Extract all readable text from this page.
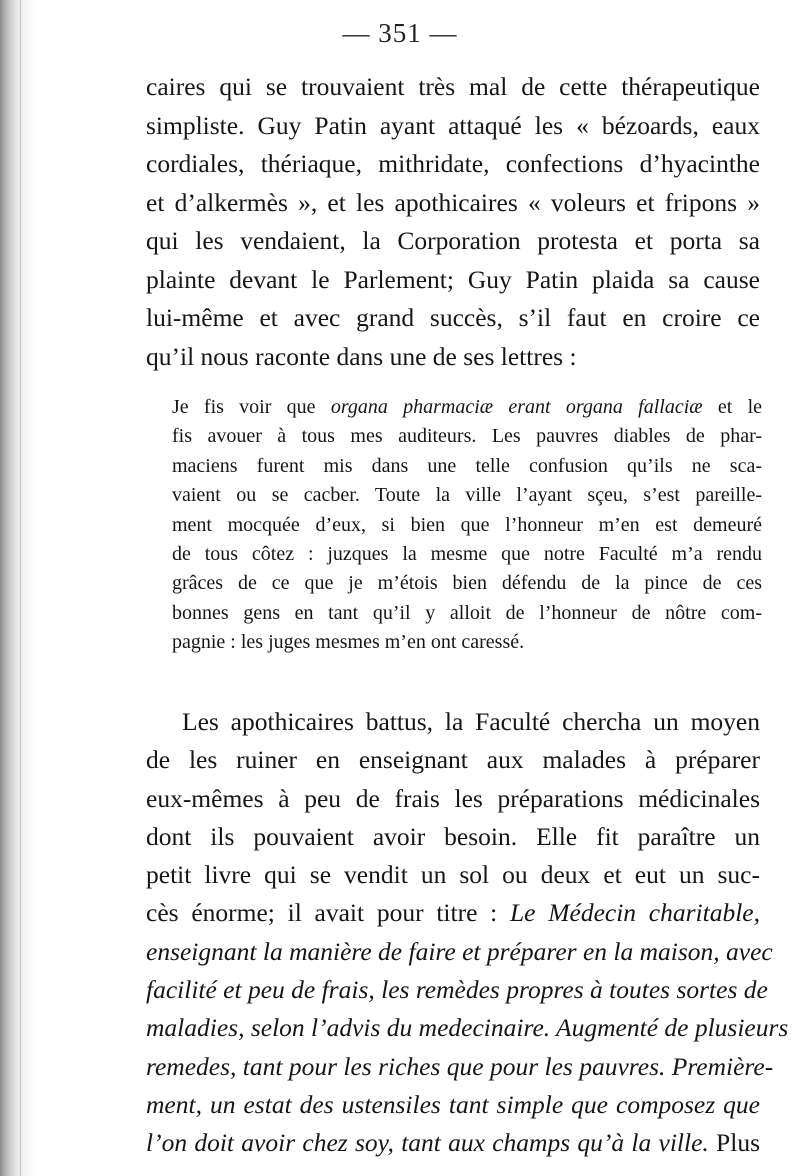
— 351 —
caires qui se trouvaient très mal de cette thérapeutique
simpliste. Guy Patin ayant attaqué les « bézoards, eaux
cordiales, thériaque, mithridate, confections d’hyacinthe
et d’alkermès », et les apothicaires « voleurs et fripons »
qui les vendaient, la Corporation protesta et porta sa
plainte devant le Parlement; Guy Patin plaida sa cause
lui-même et avec grand succès, s’il faut en croire ce
qu’il nous raconte dans une de ses lettres :
Je fis voir que organa pharmaciæ erant organa fallaciæ et le
fis avouer à tous mes auditeurs. Les pauvres diables de phar-
maciens furent mis dans une telle confusion qu’ils ne sca-
vaient ou se cacber. Toute la ville l’ayant sçeu, s’est pareille-
ment mocquée d’eux, si bien que l’honneur m’en est demeuré
de tous côtez : juzques la mesme que notre Faculté m’a rendu
grâces de ce que je m’étois bien défendu de la pince de ces
bonnes gens en tant qu’il y alloit de l’honneur de nôtre com-
pagnie : les juges mesmes m’en ont caressé.
Les apothicaires battus, la Faculté chercha un moyen
de les ruiner en enseignant aux malades à préparer
eux-mêmes à peu de frais les préparations médicinales
dont ils pouvaient avoir besoin. Elle fit paraître un
petit livre qui se vendit un sol ou deux et eut un suc-
cès énorme; il avait pour titre : Le Médecin charitable,
enseignant la manière de faire et préparer en la maison, avec
facilité et peu de frais, les remèdes propres à toutes sortes de
maladies, selon l’advis du medecinaire. Augmenté de plusieurs
remedes, tant pour les riches que pour les pauvres. Première-
ment, un estat des ustensiles tant simple que composez que
l’on doit avoir chez soy, tant aux champs qu’à la ville. Plus
